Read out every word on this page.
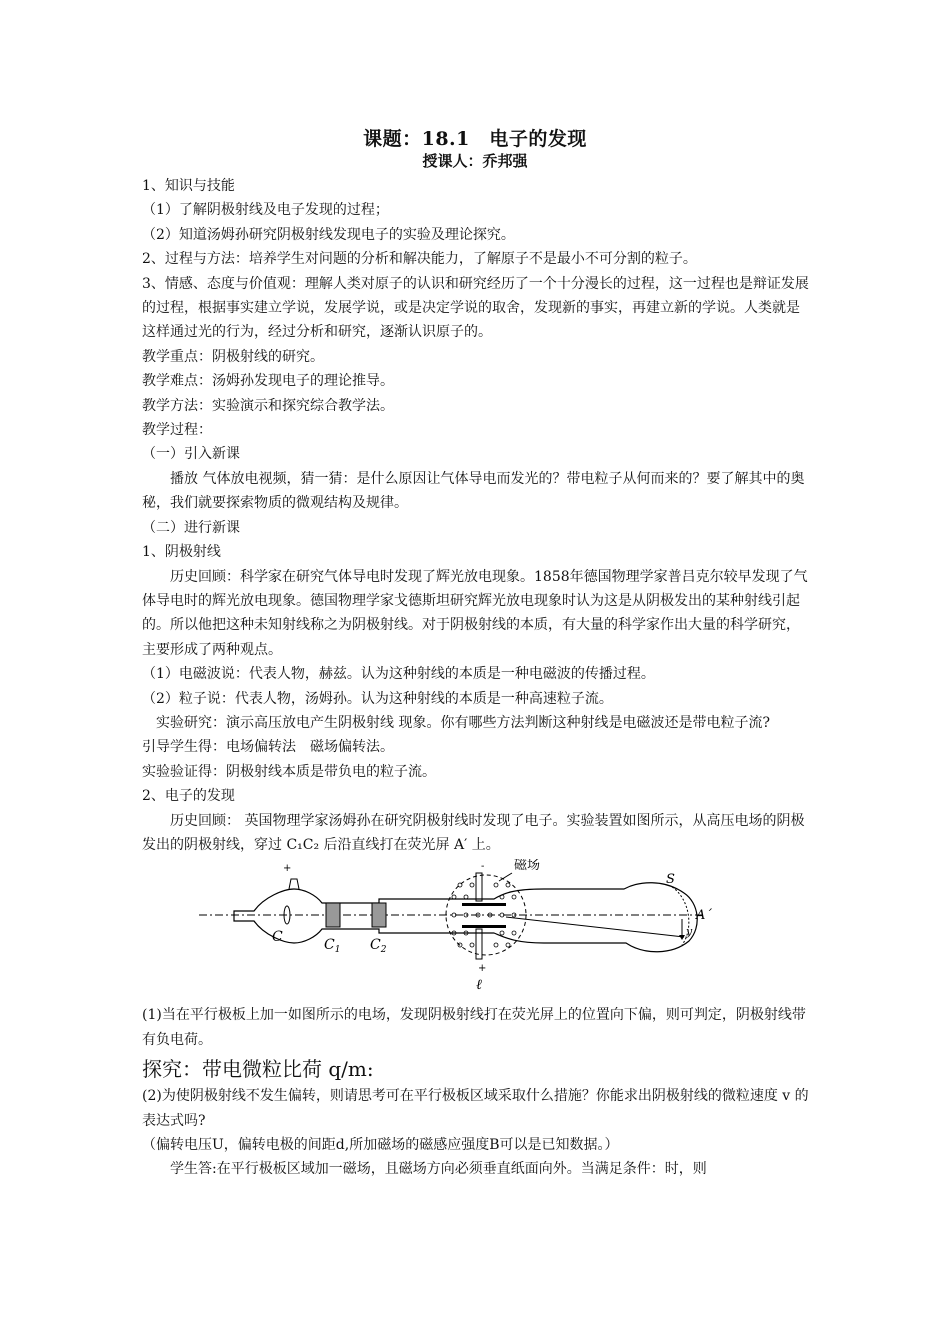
课题：18.1　电子的发现
授课人：乔邦强

1、知识与技能

（1）了解阴极射线及电子发现的过程；

（2）知道汤姆孙研究阴极射线发现电子的实验及理论探究。

2、过程与方法：培养学生对问题的分析和解决能力，了解原子不是最小不可分割的粒子。

3、情感、态度与价值观：理解人类对原子的认识和研究经历了一个十分漫长的过程，这一过程也是辩证发展的过程，根据事实建立学说，发展学说，或是决定学说的取舍，发现新的事实，再建立新的学说。人类就是这样通过光的行为，经过分析和研究，逐渐认识原子的。

教学重点：阴极射线的研究。

教学难点：汤姆孙发现电子的理论推导。

教学方法：实验演示和探究综合教学法。

教学过程：

（一）引入新课

播放 气体放电视频，猜一猜：是什么原因让气体导电而发光的？带电粒子从何而来的？要了解其中的奥秘，我们就要探索物质的微观结构及规律。

（二）进行新课

1、阴极射线

历史回顾：科学家在研究气体导电时发现了辉光放电现象。1858年德国物理学家普吕克尔较早发现了气体导电时的辉光放电现象。德国物理学家戈德斯坦研究辉光放电现象时认为这是从阴极发出的某种射线引起的。所以他把这种未知射线称之为阴极射线。对于阴极射线的本质，有大量的科学家作出大量的科学研究，主要形成了两种观点。

（1）电磁波说：代表人物，赫兹。认为这种射线的本质是一种电磁波的传播过程。

（2）粒子说：代表人物，汤姆孙。认为这种射线的本质是一种高速粒子流。

实验研究：演示高压放电产生阴极射线 现象。你有哪些方法判断这种射线是电磁波还是带电粒子流?

引导学生得：电场偏转法　磁场偏转法。

实验验证得：阴极射线本质是带负电的粒子流。

2、电子的发现

历史回顾： 英国物理学家汤姆孙在研究阴极射线时发现了电子。实验装置如图所示，从高压电场的阴极发出的阴极射线，穿过 C₁C₂ 后沿直线打在荧光屏 A′ 上。

+
C	$C_1$ $C_2$
磁场
-
+
ℓ
S
A´
y

(1)当在平行极板上加一如图所示的电场，发现阴极射线打在荧光屏上的位置向下偏，则可判定，阴极射线带有负电荷。

探究：带电微粒比荷 q/m:

(2)为使阴极射线不发生偏转，则请思考可在平行极板区域采取什么措施？你能求出阴极射线的微粒速度 v 的表达式吗?

（偏转电压U，偏转电极的间距d,所加磁场的磁感应强度B可以是已知数据。）

学生答:在平行极板区域加一磁场，且磁场方向必须垂直纸面向外。当满足条件：时，则
